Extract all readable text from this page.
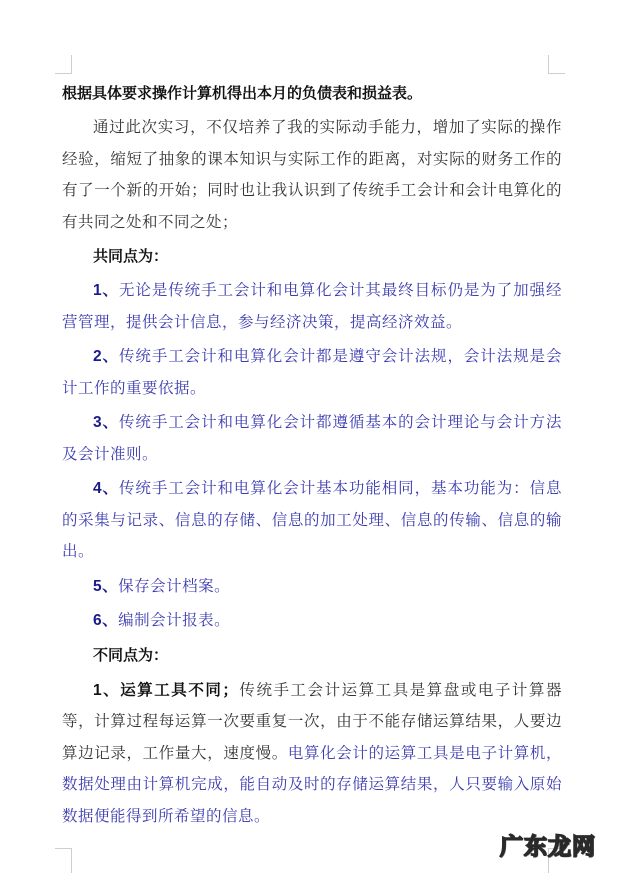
根据具体要求操作计算机得出本月的负债表和损益表。

通过此次实习，不仅培养了我的实际动手能力，增加了实际的操作经验，缩短了抽象的课本知识与实际工作的距离，对实际的财务工作的有了一个新的开始；同时也让我认识到了传统手工会计和会计电算化的有共同之处和不同之处；

共同点为：

1、无论是传统手工会计和电算化会计其最终目标仍是为了加强经营管理，提供会计信息，参与经济决策，提高经济效益。

2、传统手工会计和电算化会计都是遵守会计法规，会计法规是会计工作的重要依据。

3、传统手工会计和电算化会计都遵循基本的会计理论与会计方法及会计准则。

4、传统手工会计和电算化会计基本功能相同，基本功能为：信息的采集与记录、信息的存储、信息的加工处理、信息的传输、信息的输出。

5、保存会计档案。

6、编制会计报表。

不同点为：

1、运算工具不同；传统手工会计运算工具是算盘或电子计算器等，计算过程每运算一次要重复一次，由于不能存储运算结果，人要边算边记录，工作量大，速度慢。电算化会计的运算工具是电子计算机，数据处理由计算机完成，能自动及时的存储运算结果，人只要输入原始数据便能得到所希望的信息。

广东龙网
